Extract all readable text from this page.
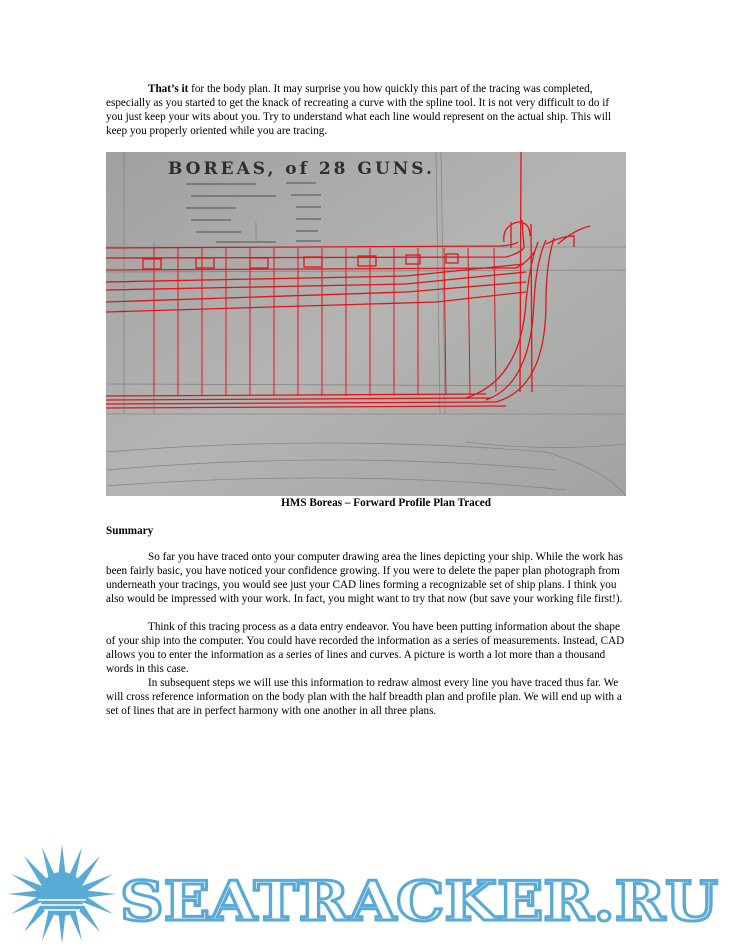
That’s it for the body plan. It may surprise you how quickly this part of the tracing was completed, especially as you started to get the knack of recreating a curve with the spline tool. It is not very difficult to do if you just keep your wits about you. Try to understand what each line would represent on the actual ship. This will keep you properly oriented while you are tracing.

BOREAS, of 28 GUNS.
HMS Boreas – Forward Profile Plan Traced

Summary

So far you have traced onto your computer drawing area the lines depicting your ship. While the work has been fairly basic, you have noticed your confidence growing. If you were to delete the paper plan photograph from underneath your tracings, you would see just your CAD lines forming a recognizable set of ship plans. I think you also would be impressed with your work. In fact, you might want to try that now (but save your working file first!).

Think of this tracing process as a data entry endeavor. You have been putting information about the shape of your ship into the computer. You could have recorded the information as a series of measurements. Instead, CAD allows you to enter the information as a series of lines and curves. A picture is worth a lot more than a thousand words in this case.

In subsequent steps we will use this information to redraw almost every line you have traced thus far. We will cross reference information on the body plan with the half breadth plan and profile plan. We will end up with a set of lines that are in perfect harmony with one another in all three plans.

SEATRACKER.RU
